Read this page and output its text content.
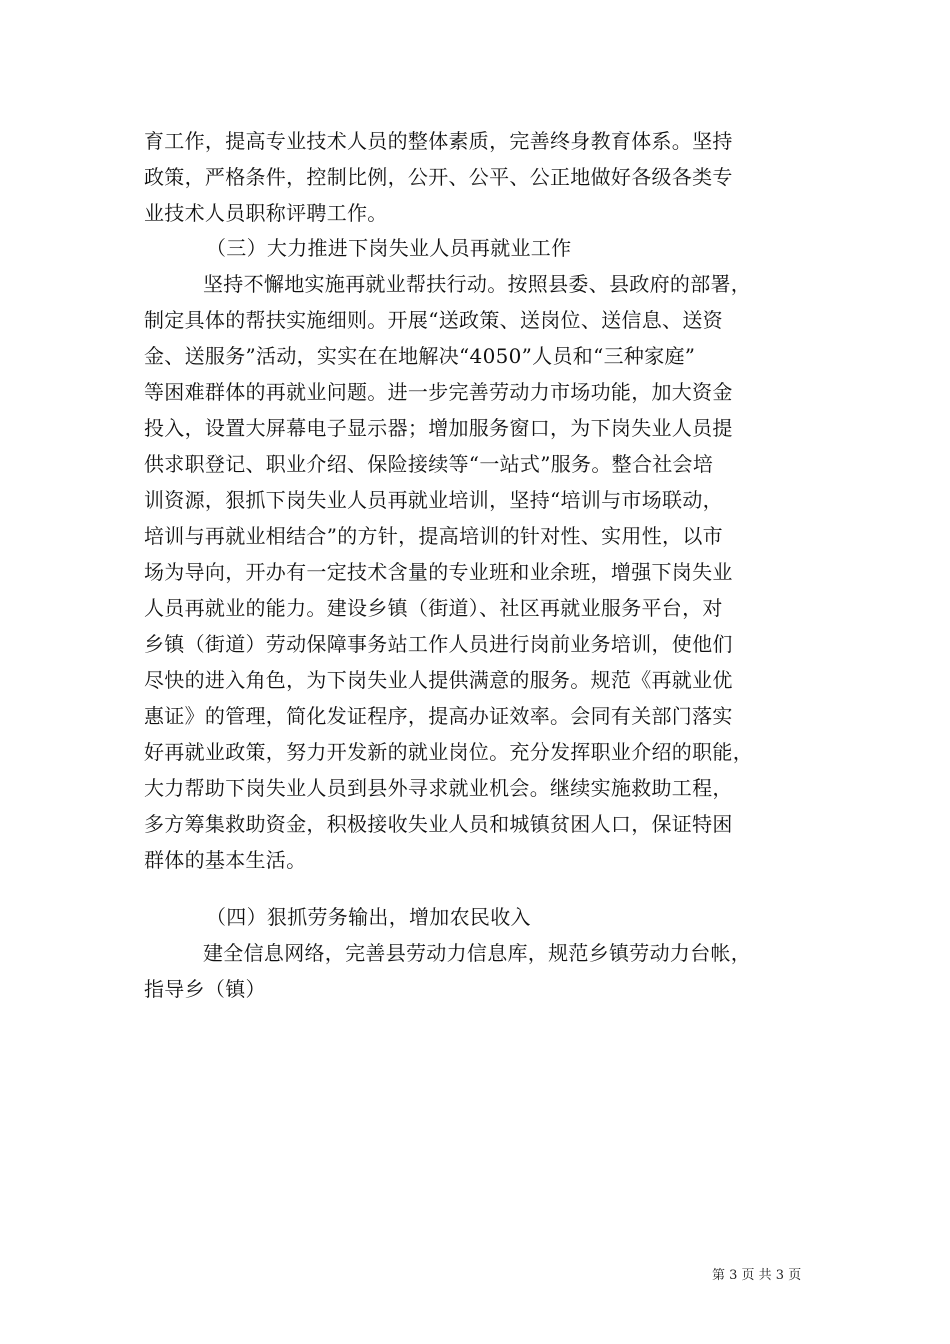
育工作，提高专业技术人员的整体素质，完善终身教育体系。坚持
政策，严格条件，控制比例，公开、公平、公正地做好各级各类专
业技术人员职称评聘工作。
（三）大力推进下岗失业人员再就业工作
坚持不懈地实施再就业帮扶行动。按照县委、县政府的部署，
制定具体的帮扶实施细则。开展“送政策、送岗位、送信息、送资
金、送服务”活动，实实在在地解决“4050”人员和“三种家庭”
等困难群体的再就业问题。进一步完善劳动力市场功能，加大资金
投入，设置大屏幕电子显示器；增加服务窗口，为下岗失业人员提
供求职登记、职业介绍、保险接续等“一站式”服务。整合社会培
训资源，狠抓下岗失业人员再就业培训，坚持“培训与市场联动，
培训与再就业相结合”的方针，提高培训的针对性、实用性，以市
场为导向，开办有一定技术含量的专业班和业余班，增强下岗失业
人员再就业的能力。建设乡镇（街道）、社区再就业服务平台，对
乡镇（街道）劳动保障事务站工作人员进行岗前业务培训，使他们
尽快的进入角色，为下岗失业人提供满意的服务。规范《再就业优
惠证》的管理，简化发证程序，提高办证效率。会同有关部门落实
好再就业政策，努力开发新的就业岗位。充分发挥职业介绍的职能，
大力帮助下岗失业人员到县外寻求就业机会。继续实施救助工程，
多方筹集救助资金，积极接收失业人员和城镇贫困人口，保证特困
群体的基本生活。
（四）狠抓劳务输出，增加农民收入
建全信息网络，完善县劳动力信息库，规范乡镇劳动力台帐，
指导乡（镇）
第 3 页 共 3 页
